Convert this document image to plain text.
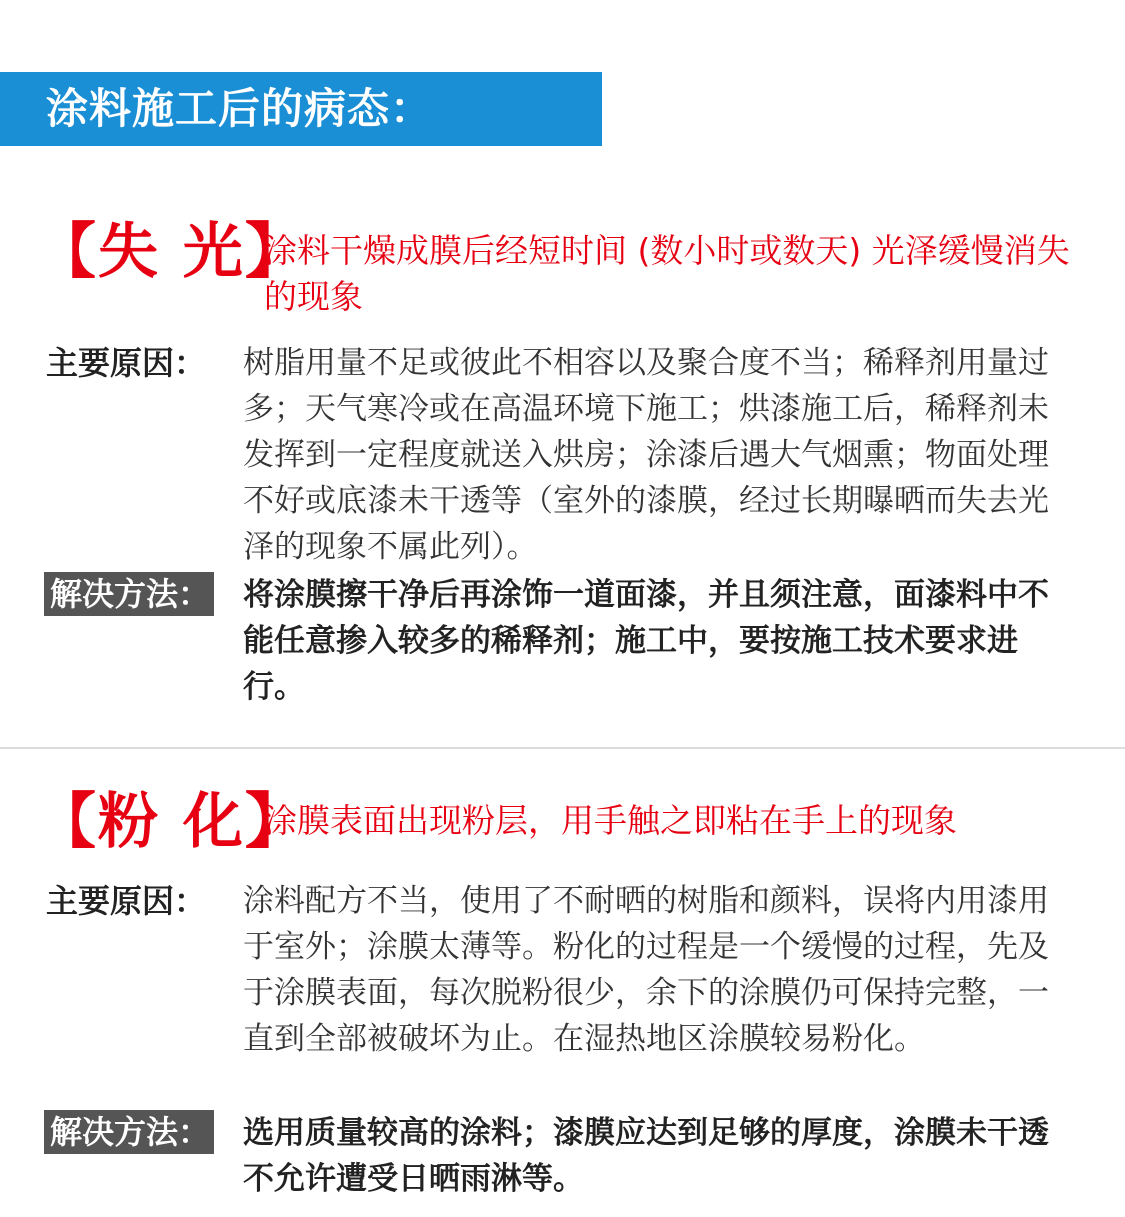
涂料施工后的病态：
【失 光】
涂料干燥成膜后经短时间 (数小时或数天) 光泽缓慢消失的现象
主要原因： 树脂用量不足或彼此不相容以及聚合度不当；稀释剂用量过多；天气寒冷或在高温环境下施工；烘漆施工后，稀释剂未发挥到一定程度就送入烘房；涂漆后遇大气烟熏；物面处理不好或底漆未干透等（室外的漆膜，经过长期曝晒而失去光泽的现象不属此列）。
解决方法： 将涂膜擦干净后再涂饰一道面漆，并且须注意，面漆料中不能任意掺入较多的稀释剂；施工中，要按施工技术要求进行。
【粉 化】
涂膜表面出现粉层，用手触之即粘在手上的现象
主要原因： 涂料配方不当，使用了不耐晒的树脂和颜料，误将内用漆用于室外；涂膜太薄等。粉化的过程是一个缓慢的过程，先及于涂膜表面，每次脱粉很少，余下的涂膜仍可保持完整，一直到全部被破坏为止。在湿热地区涂膜较易粉化。
解决方法： 选用质量较高的涂料；漆膜应达到足够的厚度，涂膜未干透不允许遭受日晒雨淋等。
